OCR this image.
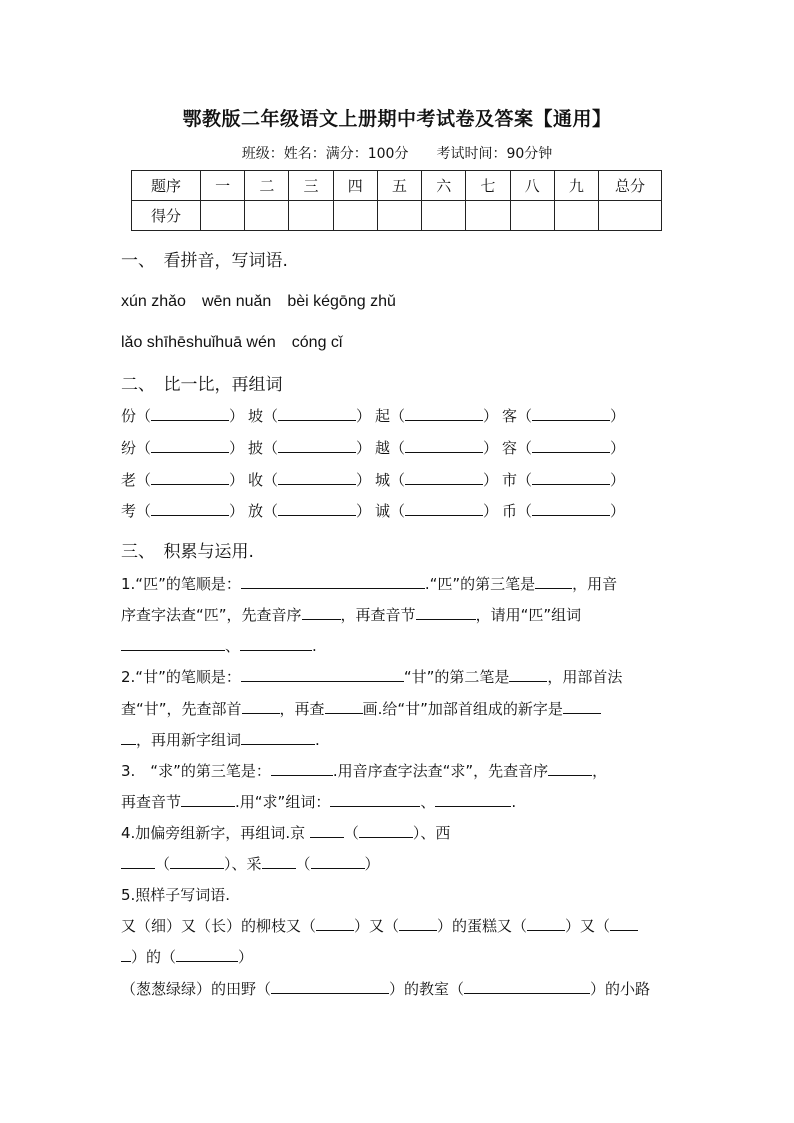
鄂教版二年级语文上册期中考试卷及答案【通用】
班级：姓名：满分：100分　　考试时间：90分钟
题序	一	二	三	四	五	六	七	八	九	总分
得分										
一、　看拼音，写词语.
xún zhǎo　wēn nuǎn　bèi kégōng zhǔ
lǎo shīhēshuǐhuā wén　cóng cǐ
二、　比一比，再组词
份（	） 坡（	） 起（	） 客（	）
纷（	） 披（	） 越（	） 容（	）
老（	） 收（	） 城（	） 市（	）
考（	） 放（	） 诚（	） 币（	）
三、　积累与运用.
1.“匹”的笔顺是：	.“匹”的第三笔是 ，用音
序查字法查“匹”，先查音序	，再查音节	，请用“匹”组词
、	.
2.“甘”的笔顺是：	“甘”的第二笔是	，用部首法
查“甘”，先查部首	，再查	画.给“甘”加部首组成的新字是
，再用新字组词	.
3.　“求”的第三笔是：	.用音序查字法查“求”，先查音序	，
再查音节	.用“求”组词：	、	.
4.加偏旁组新字，再组词.京	（	）、西
（	）、采 （	）
5.照样子写词语.
又（细）又（长）的柳枝又（	）又（	）的蛋糕又（	）又（
）的（	）
（葱葱绿绿）的田野（	）的教室（	）的小路
